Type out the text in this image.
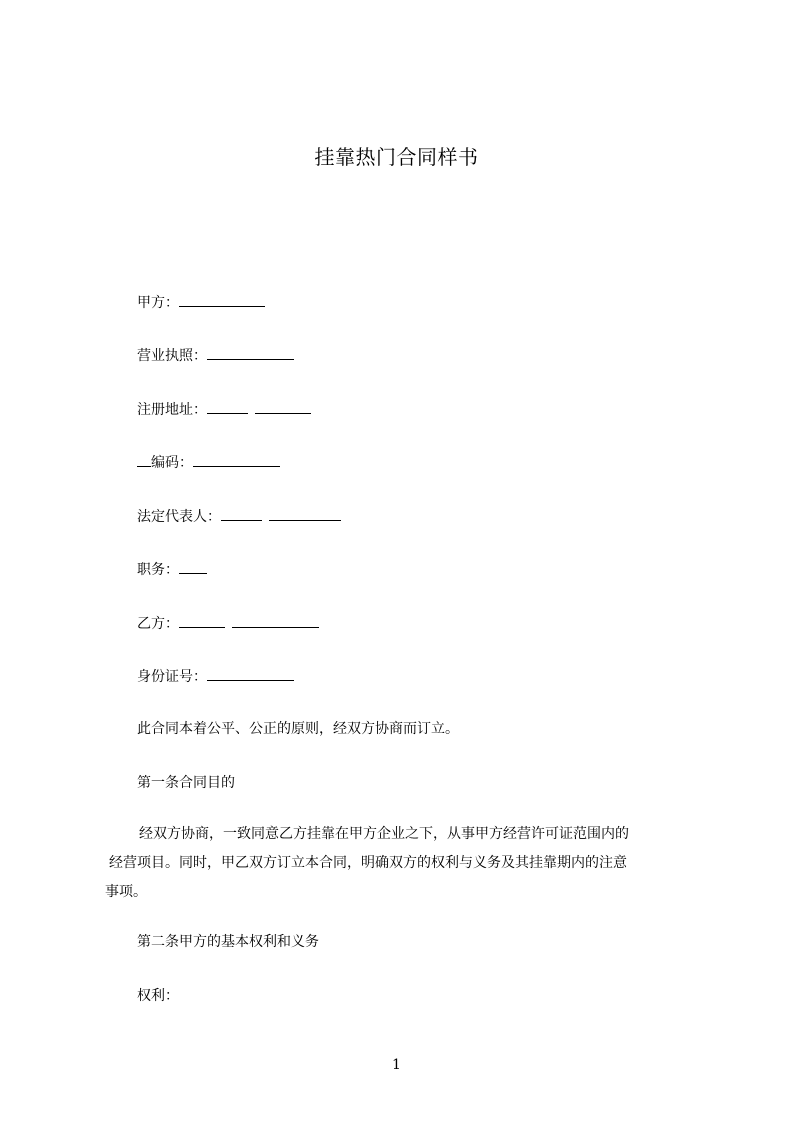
挂靠热门合同样书
甲方：
营业执照：
注册地址：
编码：
法定代表人：
职务：
乙方：
身份证号：
此合同本着公平、公正的原则，经双方协商而订立。
第一条合同目的
经双方协商，一致同意乙方挂靠在甲方企业之下，从事甲方经营许可证范围内的
经营项目。同时，甲乙双方订立本合同，明确双方的权利与义务及其挂靠期内的注意
事项。
第二条甲方的基本权利和义务
权利：
1
